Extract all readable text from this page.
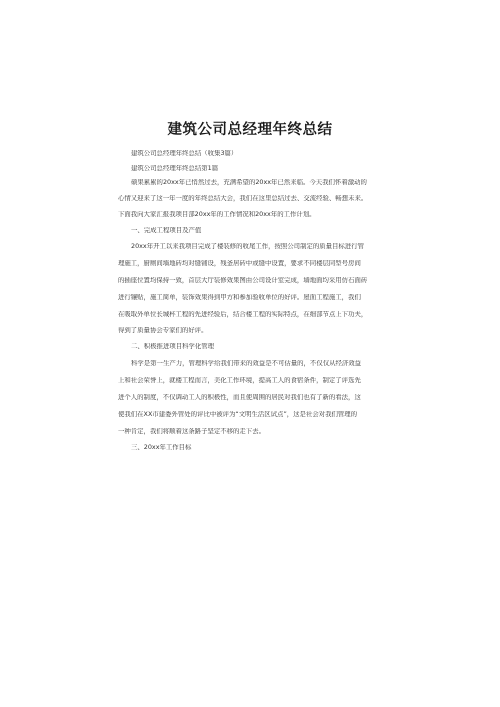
建筑公司总经理年终总结
建筑公司总经理年终总结（收集3篇）
建筑公司总经理年终总结第1篇
硕果累累的20xx年已悄然过去，充满希望的20xx年已然来临。今天我们怀着激动的
心情又迎来了这一年一度的年终总结大会，我们在这里总结过去、交流经验、畅想未来。
下面我向大家汇报我项目部20xx年的工作情况和20xx年的工作计划。
一、完成工程项目及产值
20xx年开工以来我项目完成了楼装修的收尾工作，按照公司制定的质量目标进行管
理施工，厨厕间墙地砖均对缝铺设，残釜居砖中或缝中设置，要求不同楼层同型号房间
的插座位置均保持一致，首层大厅装修效果图由公司设计室完成，墙地面均采用仿石面砖
进行镶贴，施工简单，装饰效果得到甲方和参加验收单位的好评。屋面工程施工，我们
在吸取外单位长城杯工程的先进经验后，结合楼工程的实际特点，在细部节点上下功夫，
得到了质量协会专家们的好评。
二、积极推进项目科学化管理
科学是第一生产力，管理科学给我们带来的效益是不可估量的，不仅仅从经济效益
上和社会荣誉上，就楼工程而言，美化工作环境，提高工人的食宿条件，制定了评选先
进个人的制度，不仅调动工人的积极性，而且使周围的居民对我们也有了新的看法，这
使我们在XX市建委外管处的评比中被评为“文明生活区试点”，这是社会对我们管理的
一种肯定，我们将顺着这条路子坚定不移的走下去。
三、20xx年工作目标
